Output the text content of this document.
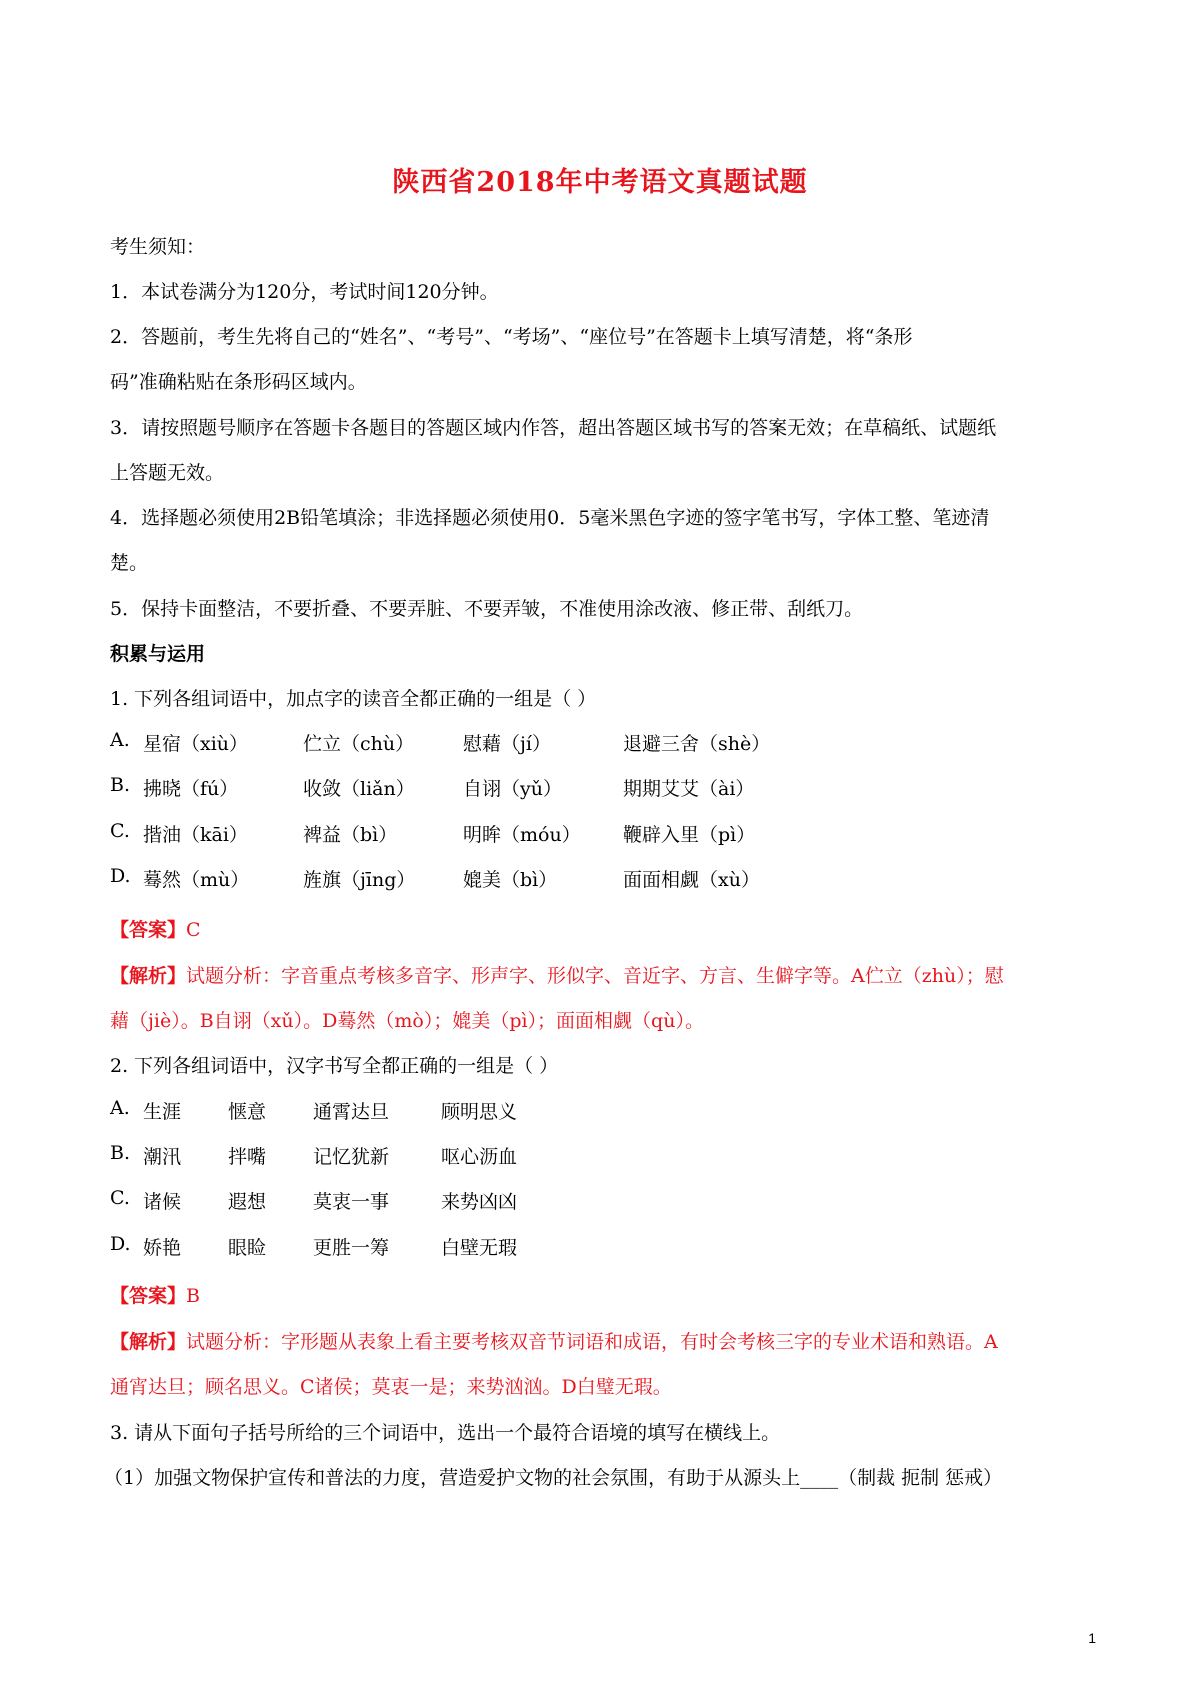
陕西省2018年中考语文真题试题
考生须知：
1．本试卷满分为120分，考试时间120分钟。
2．答题前，考生先将自己的“姓名”、“考号”、“考场”、“座位号”在答题卡上填写清楚，将“条形
码”准确粘贴在条形码区域内。
3．请按照题号顺序在答题卡各题目的答题区域内作答，超出答题区域书写的答案无效；在草稿纸、试题纸
上答题无效。
4．选择题必须使用2B铅笔填涂；非选择题必须使用0．5毫米黑色字迹的签字笔书写，字体工整、笔迹清
楚。
5．保持卡面整洁，不要折叠、不要弄脏、不要弄皱，不准使用涂改液、修正带、刮纸刀。
积累与运用
1. 下列各组词语中，加点字的读音全都正确的一组是（ ）
A. 星宿（xiù）	伫立（chù）	慰藉（jí）	退避三舍（shè）
B. 拂晓（fú）	收敛（liǎn）	自诩（yǔ）	期期艾艾（ài）
C. 揩油（kāi）	裨益（bì）	明眸（móu） 鞭辟入里（pì）
D. 蓦然（mù）	旌旗（jīng）	媲美（bì）	面面相觑（xù）
【答案】C
【解析】试题分析：字音重点考核多音字、形声字、形似字、音近字、方言、生僻字等。A伫立（zhù）；慰
藉（jiè）。B自诩（xǔ）。D蓦然（mò）；媲美（pì）；面面相觑（qù）。
2. 下列各组词语中，汉字书写全都正确的一组是（ ）
A. 生涯 惬意 通霄达旦	顾明思义
B. 潮汛 拌嘴 记忆犹新	呕心沥血
C. 诸候 遐想 莫衷一事	来势凶凶
D. 娇艳 眼睑 更胜一筹	白壁无瑕
【答案】B
【解析】试题分析：字形题从表象上看主要考核双音节词语和成语，有时会考核三字的专业术语和熟语。A
通宵达旦；顾名思义。C诸侯；莫衷一是；来势汹汹。D白璧无瑕。
3. 请从下面句子括号所给的三个词语中，选出一个最符合语境的填写在横线上。
（1）加强文物保护宣传和普法的力度，营造爱护文物的社会氛围，有助于从源头上____（制裁 扼制 惩戒）
1
